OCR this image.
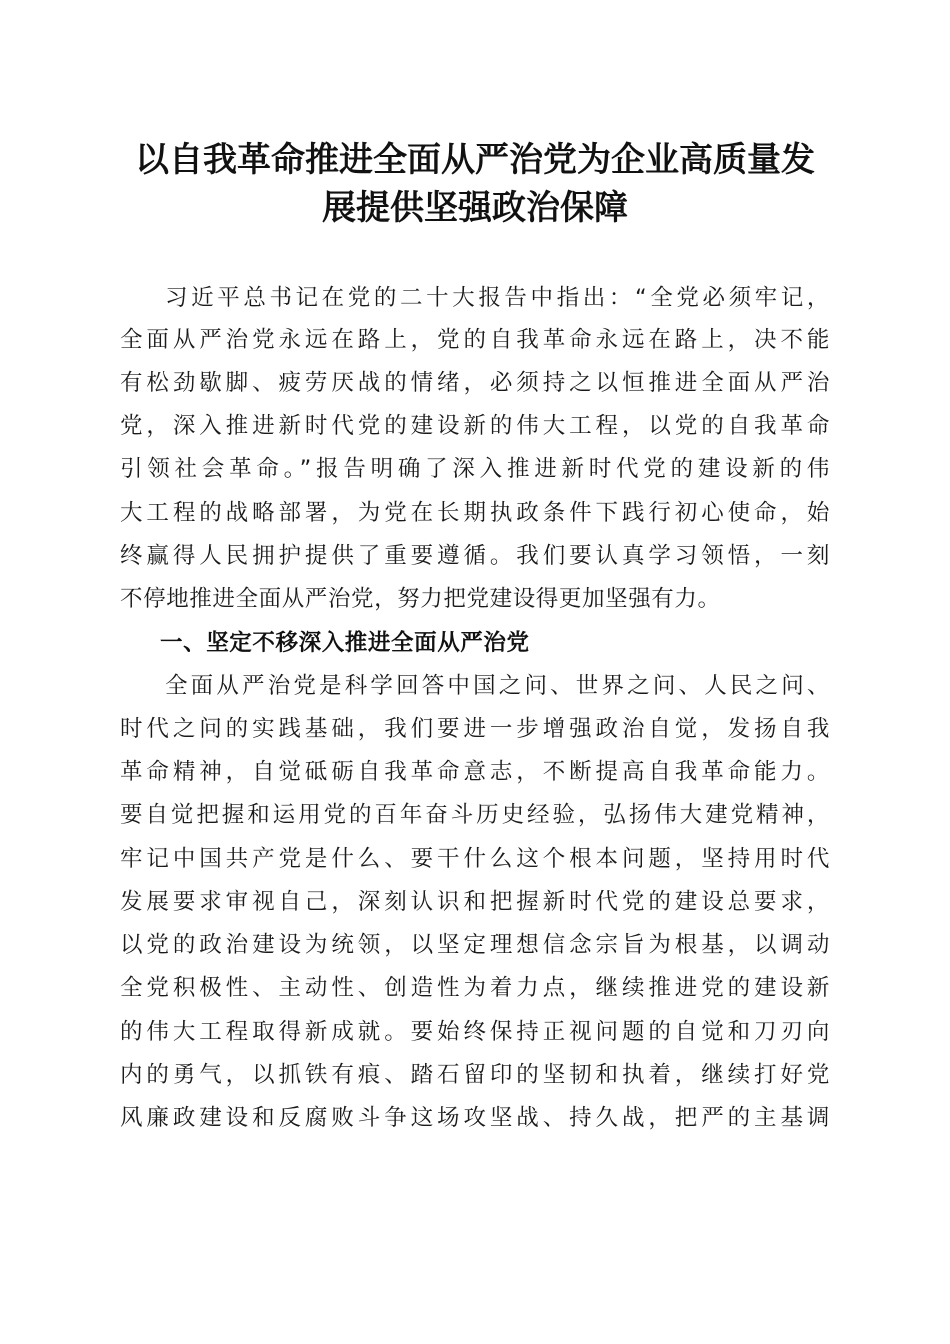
以自我革命推进全面从严治党为企业高质量发
展提供坚强政治保障
习近平总书记在党的二十大报告中指出：“全党必须牢记，
全面从严治党永远在路上，党的自我革命永远在路上，决不能
有松劲歇脚、疲劳厌战的情绪，必须持之以恒推进全面从严治
党，深入推进新时代党的建设新的伟大工程，以党的自我革命
引领社会革命。”报告明确了深入推进新时代党的建设新的伟
大工程的战略部署，为党在长期执政条件下践行初心使命，始
终赢得人民拥护提供了重要遵循。我们要认真学习领悟，一刻
不停地推进全面从严治党，努力把党建设得更加坚强有力。
一、坚定不移深入推进全面从严治党
全面从严治党是科学回答中国之问、世界之问、人民之问、
时代之问的实践基础，我们要进一步增强政治自觉，发扬自我
革命精神，自觉砥砺自我革命意志，不断提高自我革命能力。
要自觉把握和运用党的百年奋斗历史经验，弘扬伟大建党精神，
牢记中国共产党是什么、要干什么这个根本问题，坚持用时代
发展要求审视自己，深刻认识和把握新时代党的建设总要求，
以党的政治建设为统领，以坚定理想信念宗旨为根基，以调动
全党积极性、主动性、创造性为着力点，继续推进党的建设新
的伟大工程取得新成就。要始终保持正视问题的自觉和刀刃向
内的勇气，以抓铁有痕、踏石留印的坚韧和执着，继续打好党
风廉政建设和反腐败斗争这场攻坚战、持久战，把严的主基调
